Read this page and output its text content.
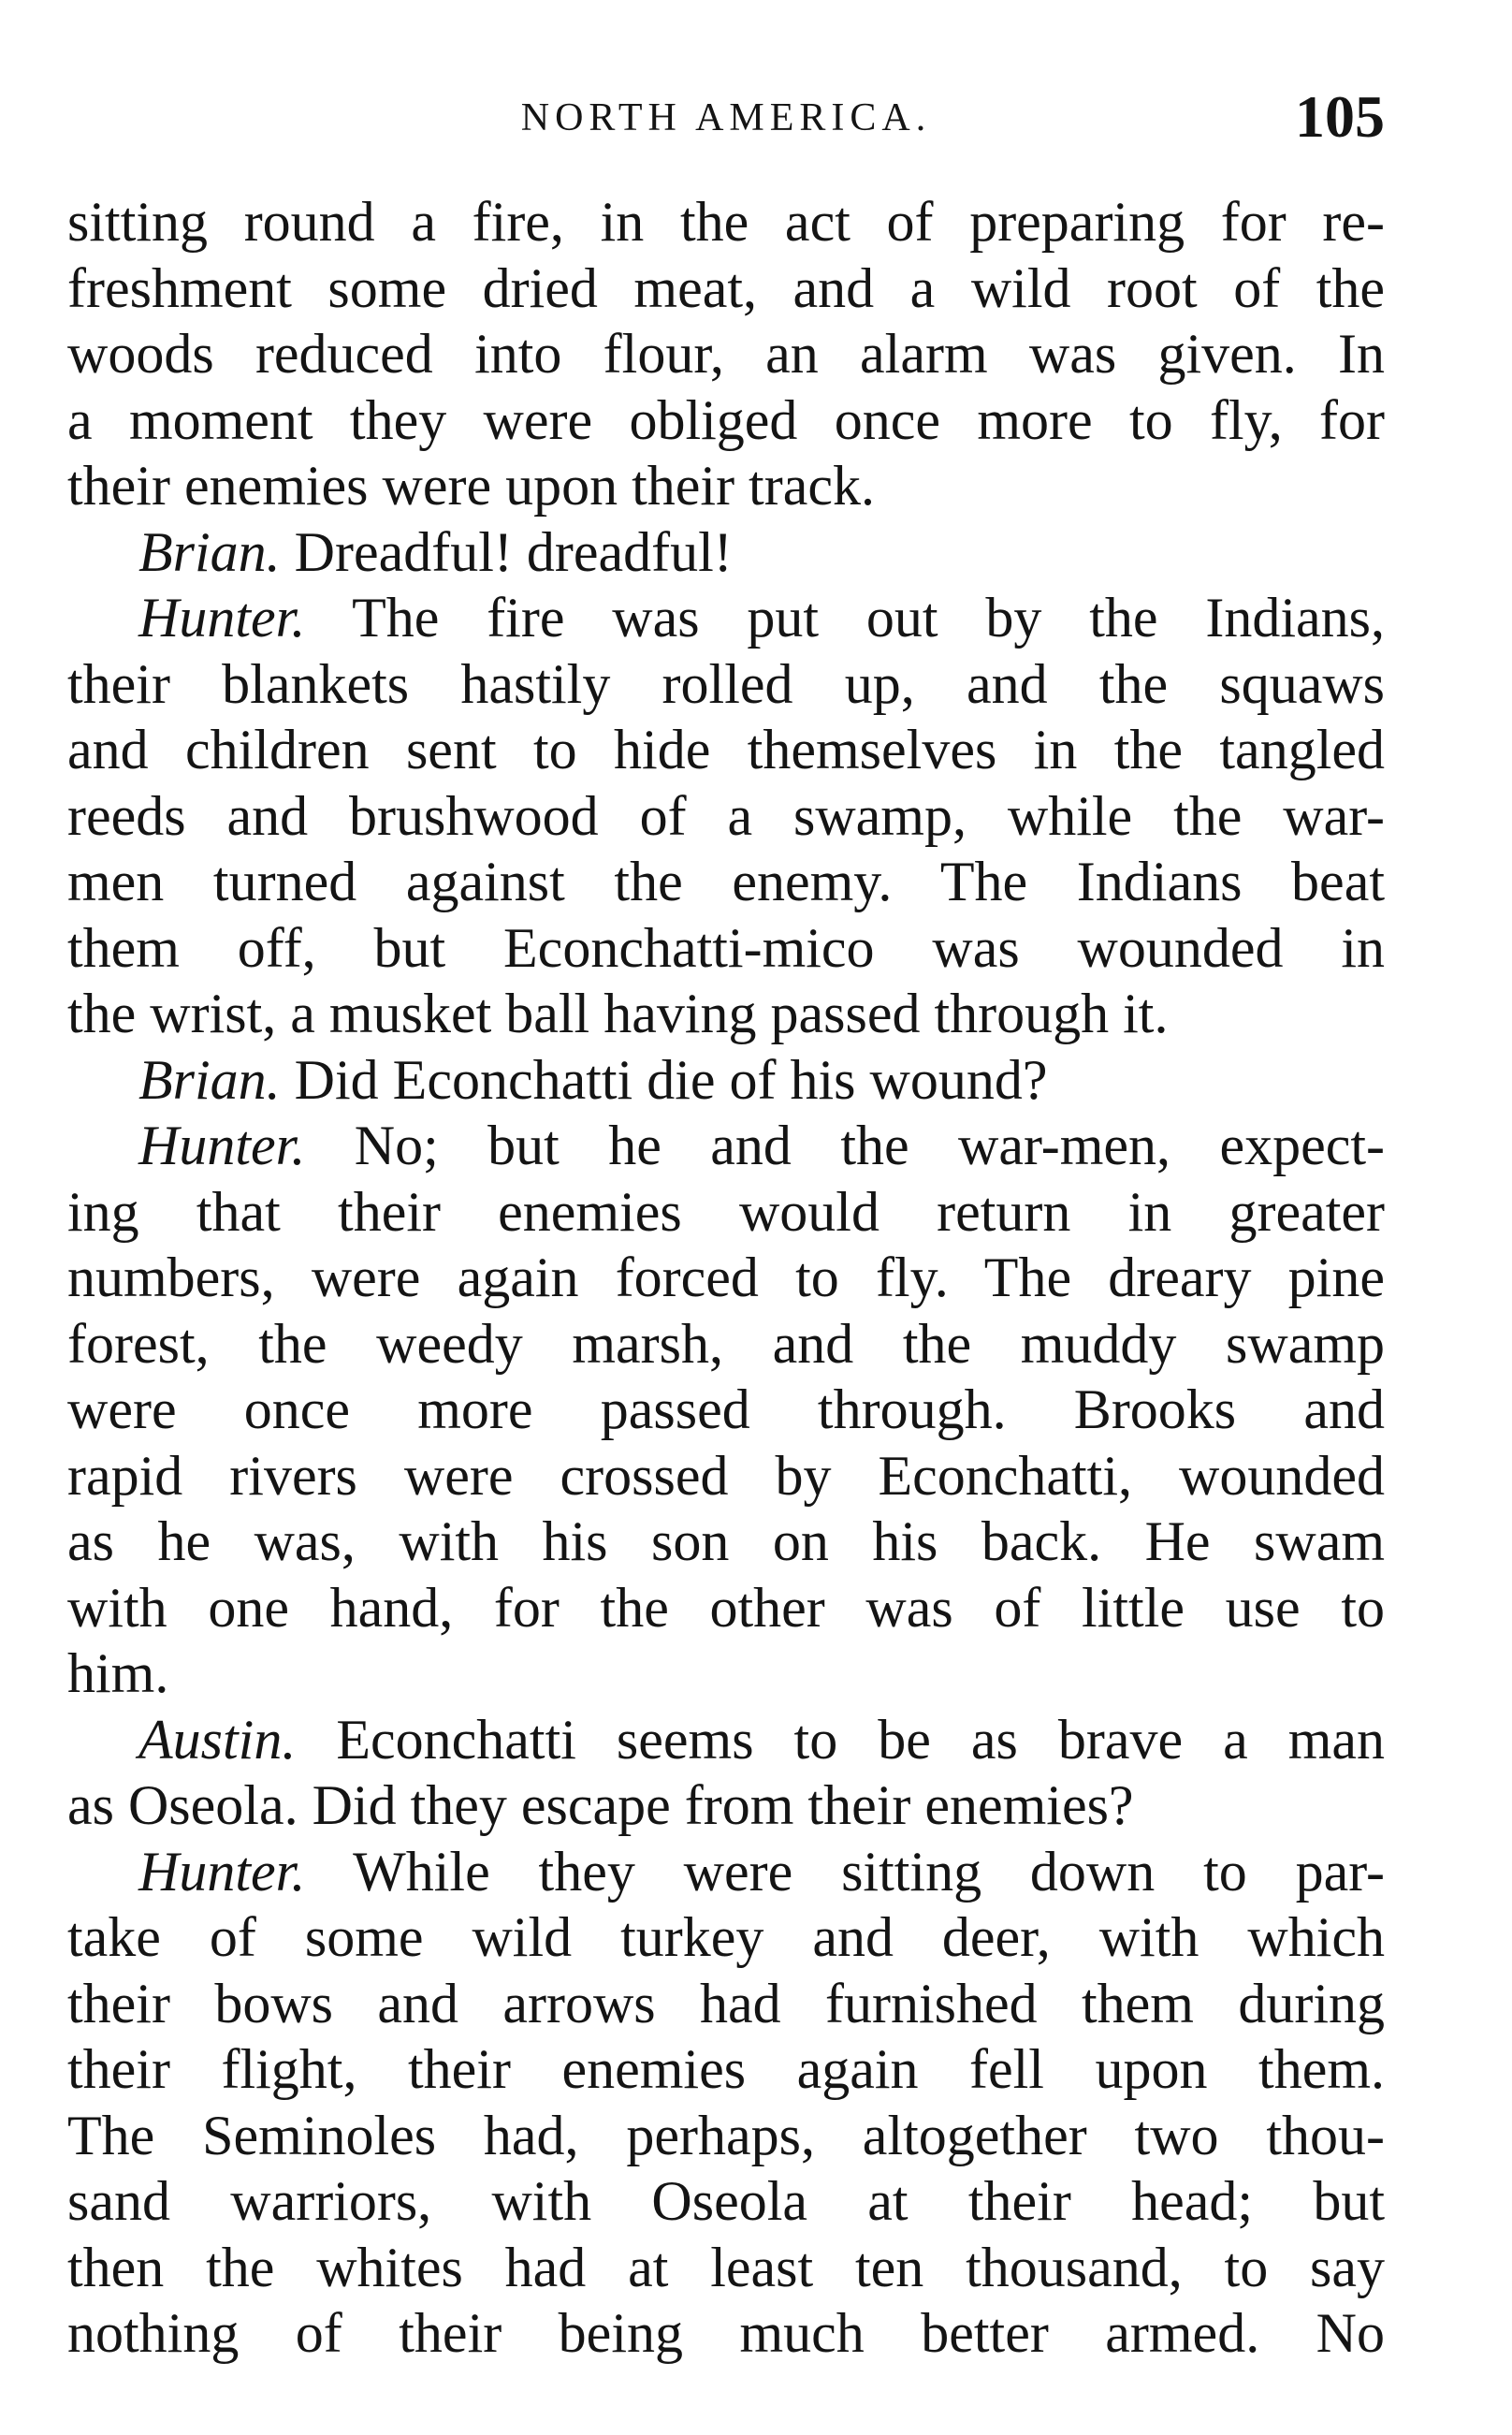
NORTH AMERICA.	105
sitting round a fire, in the act of preparing for re-
freshment some dried meat, and a wild root of the
woods reduced into flour, an alarm was given. In
a moment they were obliged once more to fly, for
their enemies were upon their track.
Brian. Dreadful! dreadful!
Hunter. The fire was put out by the Indians,
their blankets hastily rolled up, and the squaws
and children sent to hide themselves in the tangled
reeds and brushwood of a swamp, while the war-
men turned against the enemy. The Indians beat
them off, but Econchatti-mico was wounded in
the wrist, a musket ball having passed through it.
Brian. Did Econchatti die of his wound?
Hunter. No; but he and the war-men, expect-
ing that their enemies would return in greater
numbers, were again forced to fly. The dreary pine
forest, the weedy marsh, and the muddy swamp
were once more passed through. Brooks and
rapid rivers were crossed by Econchatti, wounded
as he was, with his son on his back. He swam
with one hand, for the other was of little use to
him.
Austin. Econchatti seems to be as brave a man
as Oseola. Did they escape from their enemies?
Hunter. While they were sitting down to par-
take of some wild turkey and deer, with which
their bows and arrows had furnished them during
their flight, their enemies again fell upon them.
The Seminoles had, perhaps, altogether two thou-
sand warriors, with Oseola at their head; but
then the whites had at least ten thousand, to say
nothing of their being much better armed. No
